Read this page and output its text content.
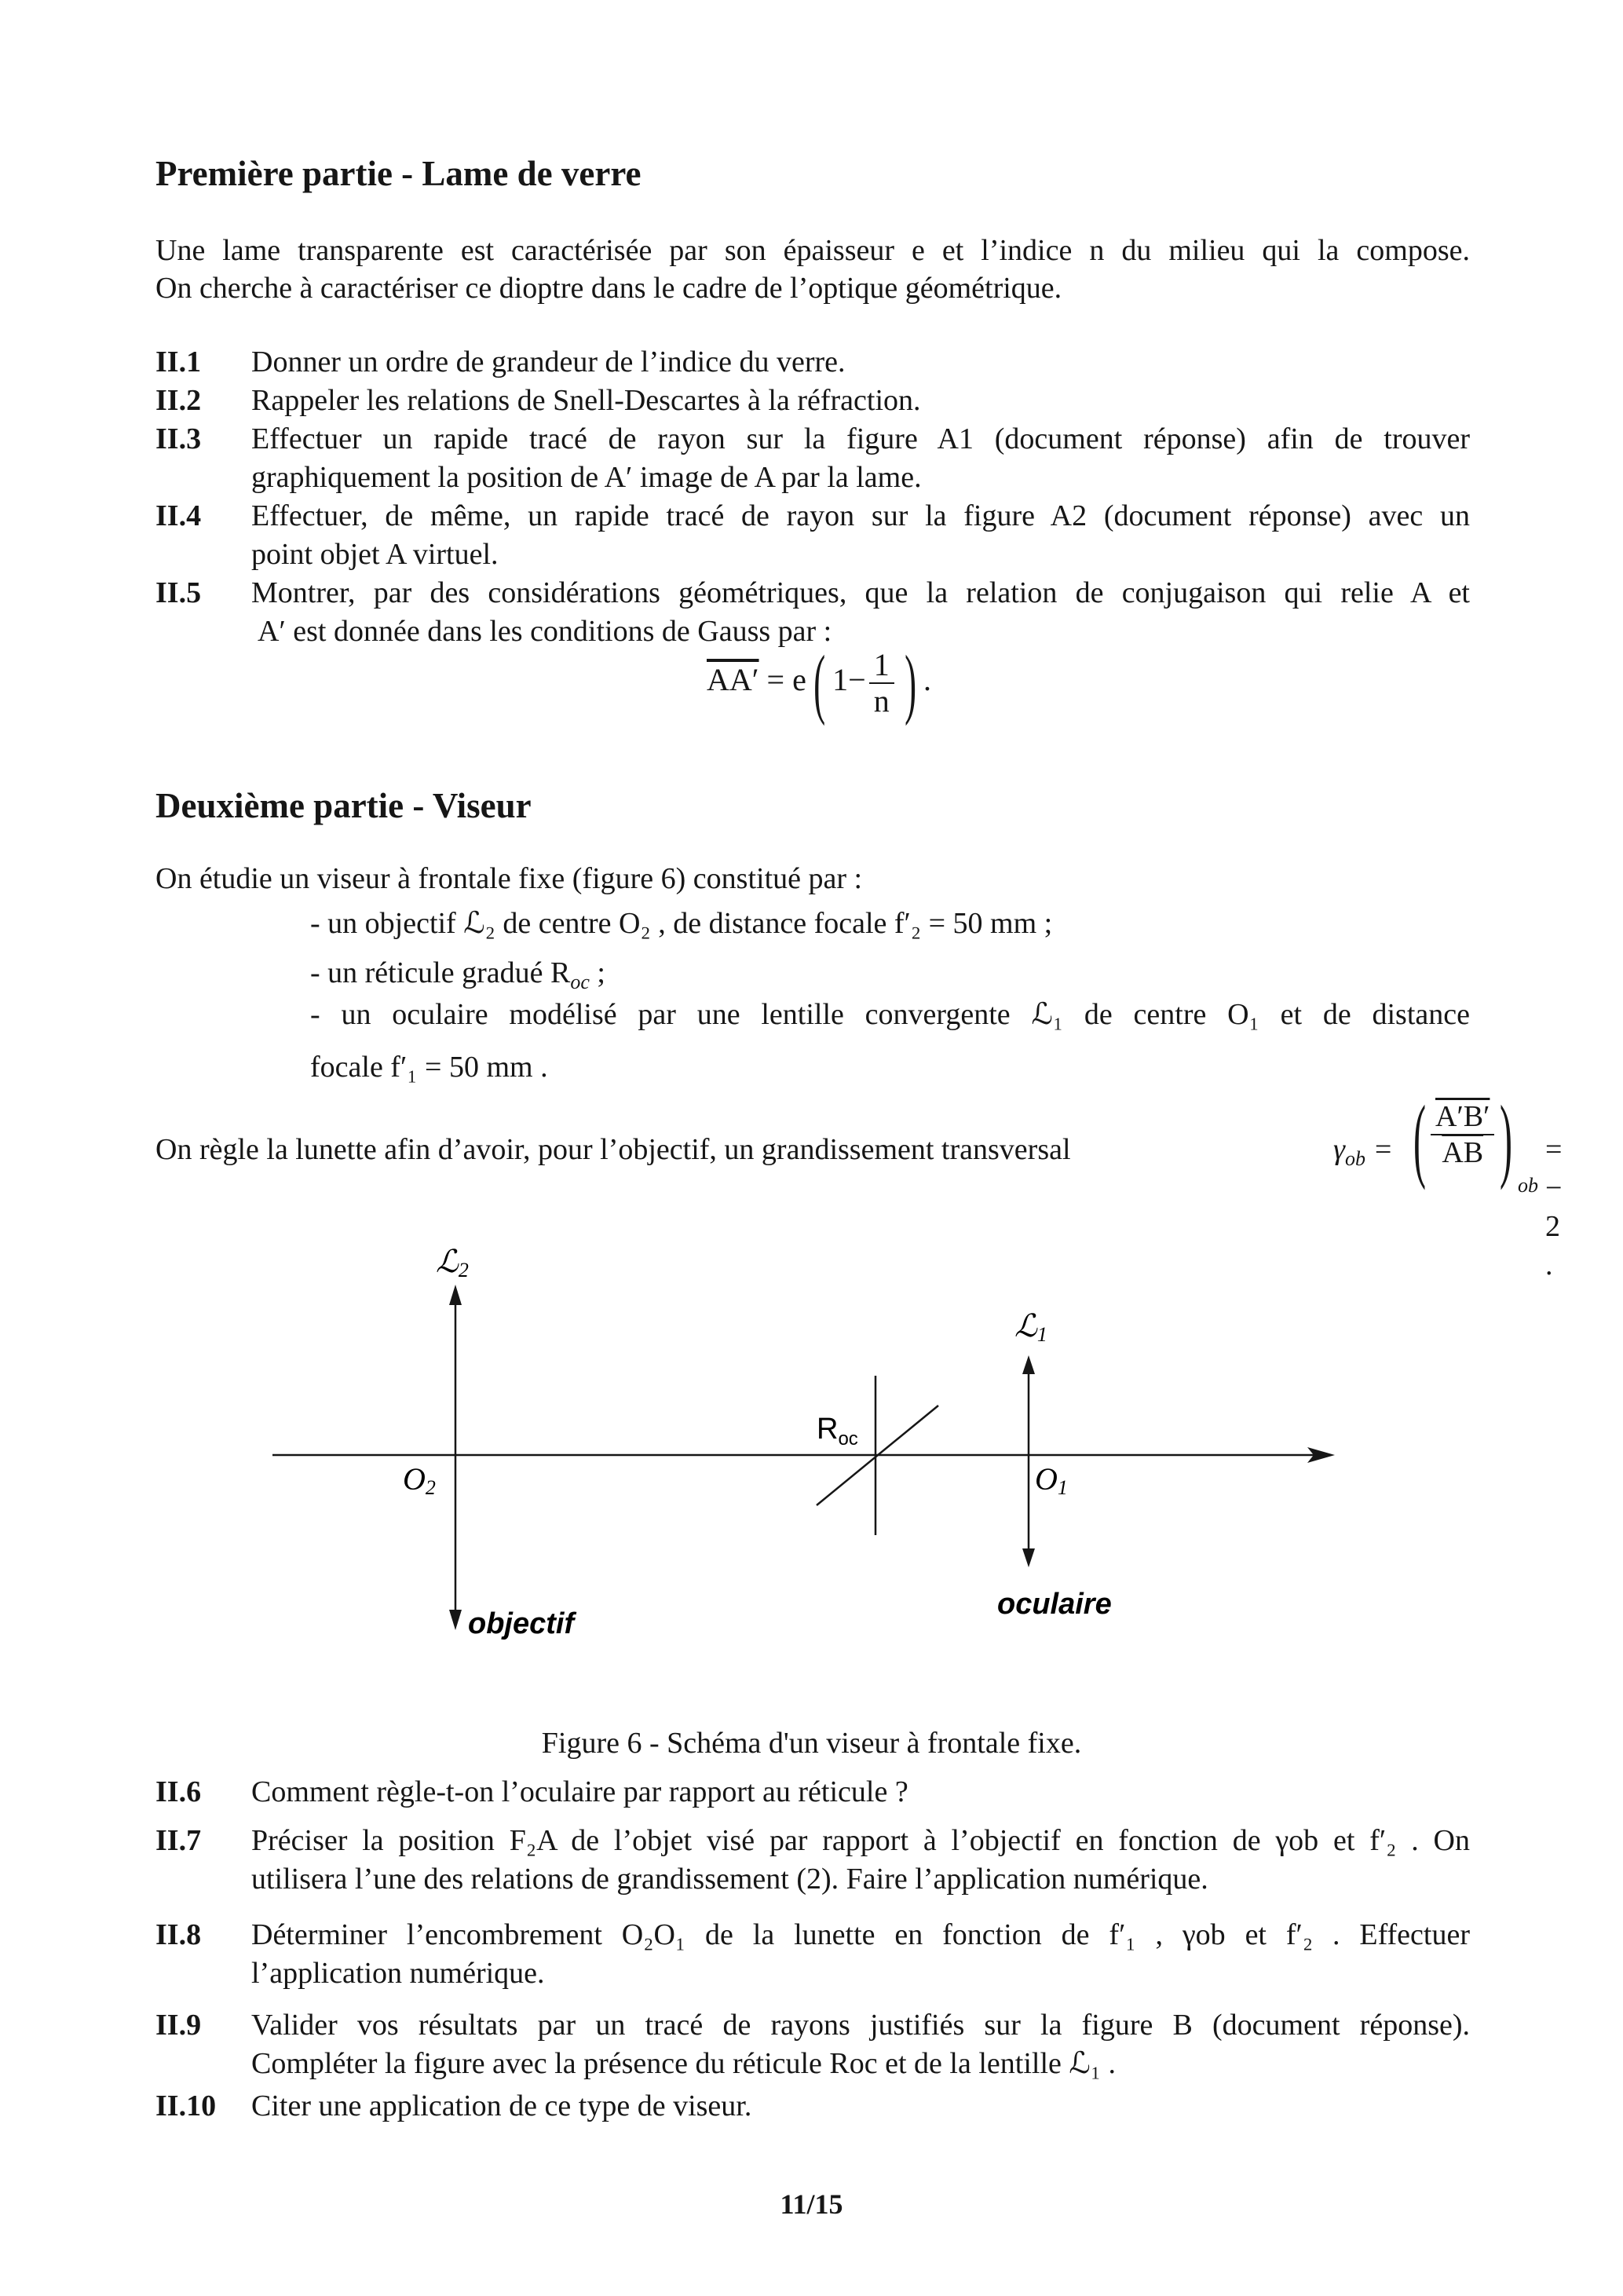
Première partie - Lame de verre

Une lame transparente est caractérisée par son épaisseur e et l’indice n du milieu qui la compose.

On cherche à caractériser ce dioptre dans le cadre de l’optique géométrique.

II.1 Donner un ordre de grandeur de l’indice du verre.
II.2 Rappeler les relations de Snell-Descartes à la réfraction.
II.3 Effectuer un rapide tracé de rayon sur la figure A1 (document réponse) afin de trouver
graphiquement la position de A′ image de A par la lame.
II.4 Effectuer, de même, un rapide tracé de rayon sur la figure A2 (document réponse) avec un
point objet A virtuel.
II.5 Montrer, par des considérations géométriques, que la relation de conjugaison qui relie A et
A′ est donnée dans les conditions de Gauss par :
AA′ = e( $1- \frac{1}{n}$ ) .
Deuxième partie - Viseur

On étudie un viseur à frontale fixe (figure 6) constitué par :

- un objectif ℒ₂ de centre O₂ , de distance focale f′₂ = 50 mm ;

- un réticule gradué $R_{oc}$ ;

- un oculaire modélisé par une lentille convergente ℒ₁ de centre O₁ et de distance

focale f′₁ = 50 mm .

On règle la lunette afin d’avoir, pour l’objectif, un grandissement transversal	$\gamma_{ob}$ = ( $\frac{A'B'}{AB}$ ) ob
= − 2 .
ℒ2
ℒ1
O2	O1
$R_{oc}$
objectif
oculaire

Figure 6 - Schéma d'un viseur à frontale fixe.

II.6 Comment règle-t-on l’oculaire par rapport au réticule ?
II.7 Préciser la position F₂A de l’objet visé par rapport à l’objectif en fonction de γob et f′₂ . On
utilisera l’une des relations de grandissement (2). Faire l’application numérique.
II.8 Déterminer l’encombrement O₂O₁ de la lunette en fonction de f′₁ , γob et f′₂ . Effectuer
l’application numérique.
II.9 Valider vos résultats par un tracé de rayons justifiés sur la figure B (document réponse).
Compléter la figure avec la présence du réticule Roc et de la lentille ℒ₁ .
II.10 Citer une application de ce type de viseur.

11/15
